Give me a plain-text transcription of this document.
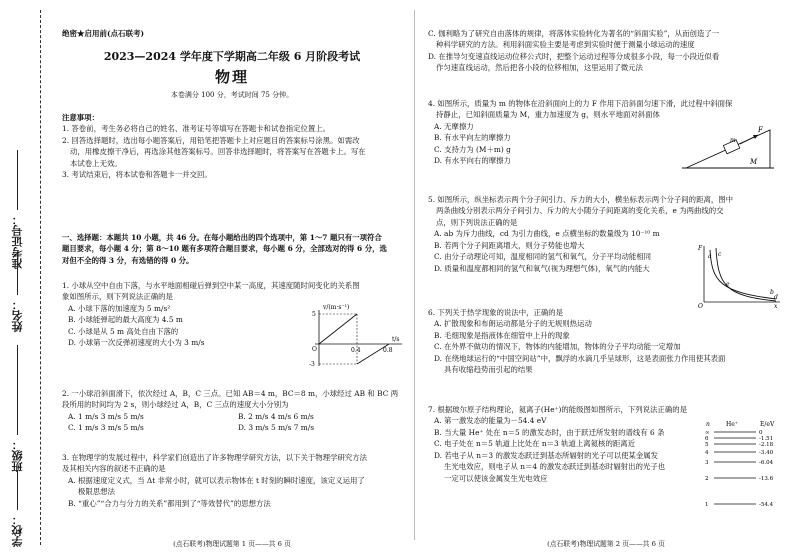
准考证号：
姓名：
班级：
学校：
绝密★启用前(点石联考)
2023—2024 学年度下学期高二年级 6 月阶段考试
物理
本卷满分 100 分，考试时间 75 分钟。

注意事项：

1. 答卷前，考生务必将自己的姓名、准考证号等填写在答题卡和试卷指定位置上。

2. 回答选择题时，选出每小题答案后，用铅笔把答题卡上对应题目的答案标号涂黑。如需改

动，用橡皮擦干净后，再选涂其他答案标号。回答非选择题时，将答案写在答题卡上。写在

本试卷上无效。

3. 考试结束后，将本试卷和答题卡一并交回。

一、选择题：本题共 10 小题，共 46 分。在每小题给出的四个选项中，第 1～7 题只有一项符合

题目要求，每小题 4 分；第 8～10 题有多项符合题目要求，每小题 6 分，全部选对的得 6 分，选

对但不全的得 3 分，有选错的得 0 分。

1. 小球从空中自由下落，与水平地面相碰后弹到空中某一高度，其速度随时间变化的关系图

象如图所示，则下列说法正确的是

A. 小球下落的加速度为 5 m/s²

B. 小球能弹起的最大高度为 4.5 m

C. 小球是从 5 m 高处自由下落的

D. 小球第一次反弹初速度的大小为 3 m/s

v/(m·s⁻¹)
t/s
5
-3
0.4	0.8
O

2. 一小球沿斜面滑下，依次经过 A，B，C 三点。已知 AB＝4 m，BC＝8 m，小球经过 AB 和 BC 两

段所用的时间均为 2 s，则小球经过 A，B，C 三点的速度大小分别为

A. 1 m/s 3 m/s 5 m/s	B. 2 m/s 4 m/s 6 m/s

C. 1 m/s 3 m/s 5 m/s	D. 3 m/s 5 m/s 7 m/s

3. 在物理学的发展过程中，科学家们创造出了许多物理学研究方法，以下关于物理学研究方法

及其相关内容的叙述不正确的是

A. 根据速度定义式，当 Δt 非常小时，就可以表示物体在 t 时刻的瞬时速度，该定义运用了

极限思想法

B. “重心”“合力与分力的关系”都用到了“等效替代”的思想方法

(点石联考)物理试题第 1 页——共 6 页

C. 伽利略为了研究自由落体的规律，将落体实验转化为著名的“斜面实验”，从而创造了一

种科学研究的方法。利用斜面实验主要是考虑到实验时便于测量小球运动的速度

D. 在推导匀变速直线运动位移公式时，把整个运动过程等分成很多小段，每一小段近似看

作匀速直线运动，然后把各小段的位移相加，这里运用了微元法

4. 如图所示，质量为 m 的物体在沿斜面向上的力 F 作用下沿斜面匀速下滑，此过程中斜面保

持静止，已知斜面质量为 M，重力加速度为 g，则水平地面对斜面体

A. 无摩擦力

B. 有水平向左的摩擦力

C. 支持力为 (M＋m) g

D. 有水平向右的摩擦力

F
m
M

5. 如图所示，纵坐标表示两个分子间引力、斥力的大小，横坐标表示两个分子间的距离，图中

两条曲线分别表示两分子间引力、斥力的大小随分子间距离的变化关系，e 为两曲线的交

点，则下列说法正确的是

A. ab 为斥力曲线，cd 为引力曲线，e 点横坐标的数量级为 10⁻¹⁰ m

B. 若两个分子间距离增大，则分子势能也增大

C. 由分子动理论可知，温度相同的氢气和氧气，分子平均动能相同

D. 质量和温度都相同的氢气和氧气(视为理想气体)，氧气的内能大

F
a c
e
b
d
x
O

6. 下列关于热学现象的说法中，正确的是

A. 扩散现象和布朗运动都是分子的无规则热运动

B. 毛细现象是指液体在细管中上升的现象

C. 在外界不做功的情况下，物体的内能增加，物体的分子平均动能一定增加

D. 在绕地球运行的“中国空间站”中，飘浮的水滴几乎呈球形，这是表面张力作用使其表面

具有收缩趋势而引起的结果

7. 根据玻尔原子结构理论，氦离子(He⁺)的能级图如图所示，下列说法正确的是

A. 第一激发态的能量为－54.4 eV

B. 当大量 He⁺ 处在 n＝5 的激发态时，由于跃迁所发射的谱线有 6 条

C. 电子处在 n＝5 轨道上比处在 n＝3 轨道上离氦核的距离近

D. 若电子从 n＝3 的激发态跃迁到基态所辐射的光子可以使某金属发

生光电效应，则电子从 n＝4 的激发态跃迁到基态时辐射出的光子也

一定可以使该金属发生光电效应

n	He⁺	E/eV
∞	0
6	-1.51
5	-2.18
4	-3.40
3	-6.04
2	-13.6
1	-54.4
(点石联考)物理试题第 2 页——共 6 页
